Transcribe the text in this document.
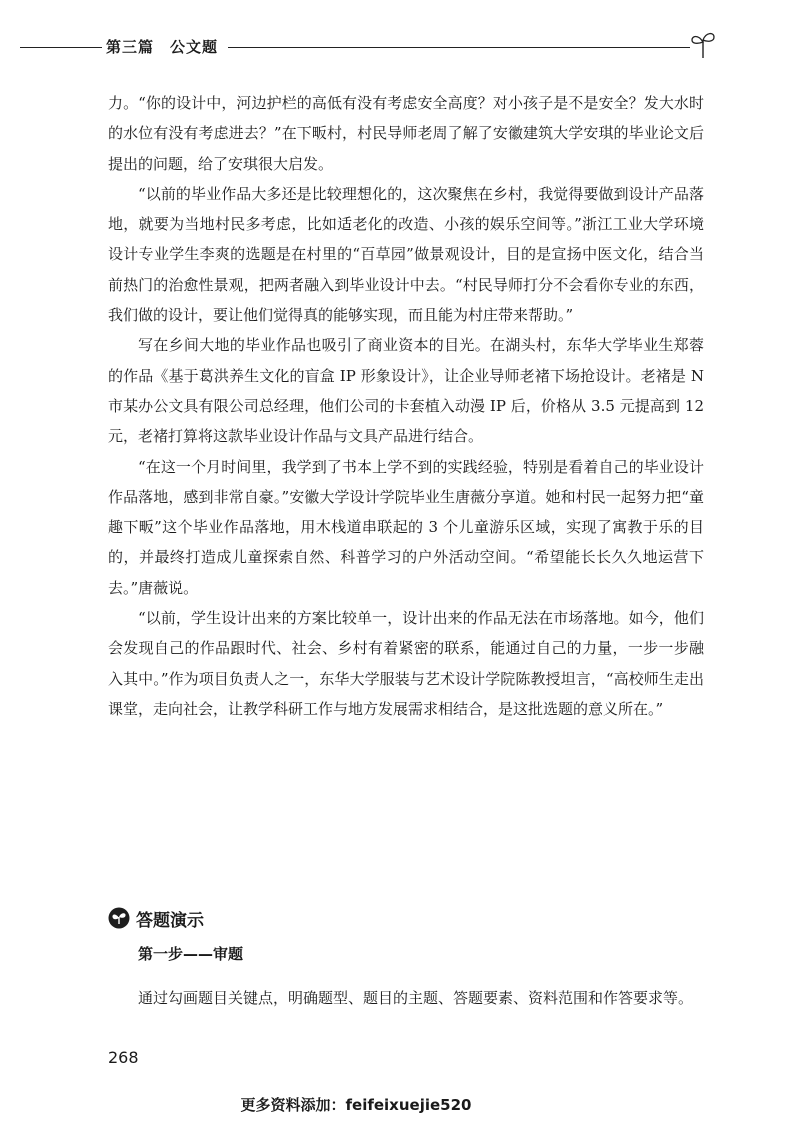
第三篇 公文题

力。“你的设计中，河边护栏的高低有没有考虑安全高度？对小孩子是不是安全？发大水时的水位有没有考虑进去？”在下畈村，村民导师老周了解了安徽建筑大学安琪的毕业论文后提出的问题，给了安琪很大启发。

“以前的毕业作品大多还是比较理想化的，这次聚焦在乡村，我觉得要做到设计产品落地，就要为当地村民多考虑，比如适老化的改造、小孩的娱乐空间等。”浙江工业大学环境设计专业学生李爽的选题是在村里的“百草园”做景观设计，目的是宣扬中医文化，结合当前热门的治愈性景观，把两者融入到毕业设计中去。“村民导师打分不会看你专业的东西，我们做的设计，要让他们觉得真的能够实现，而且能为村庄带来帮助。”

写在乡间大地的毕业作品也吸引了商业资本的目光。在湖头村，东华大学毕业生郑蓉的作品《基于葛洪养生文化的盲盒 IP 形象设计》，让企业导师老褚下场抢设计。老褚是 N 市某办公文具有限公司总经理，他们公司的卡套植入动漫 IP 后，价格从 3.5 元提高到 12 元，老褚打算将这款毕业设计作品与文具产品进行结合。

“在这一个月时间里，我学到了书本上学不到的实践经验，特别是看着自己的毕业设计作品落地，感到非常自豪。”安徽大学设计学院毕业生唐薇分享道。她和村民一起努力把“童趣下畈”这个毕业作品落地，用木栈道串联起的 3 个儿童游乐区域，实现了寓教于乐的目的，并最终打造成儿童探索自然、科普学习的户外活动空间。“希望能长长久久地运营下去。”唐薇说。

“以前，学生设计出来的方案比较单一，设计出来的作品无法在市场落地。如今，他们会发现自己的作品跟时代、社会、乡村有着紧密的联系，能通过自己的力量，一步一步融入其中。”作为项目负责人之一，东华大学服装与艺术设计学院陈教授坦言，“高校师生走出课堂，走向社会，让教学科研工作与地方发展需求相结合，是这批选题的意义所在。”

答题演示
第一步——审题
通过勾画题目关键点，明确题型、题目的主题、答题要素、资料范围和作答要求等。
268
更多资料添加：feifeixuejie520
